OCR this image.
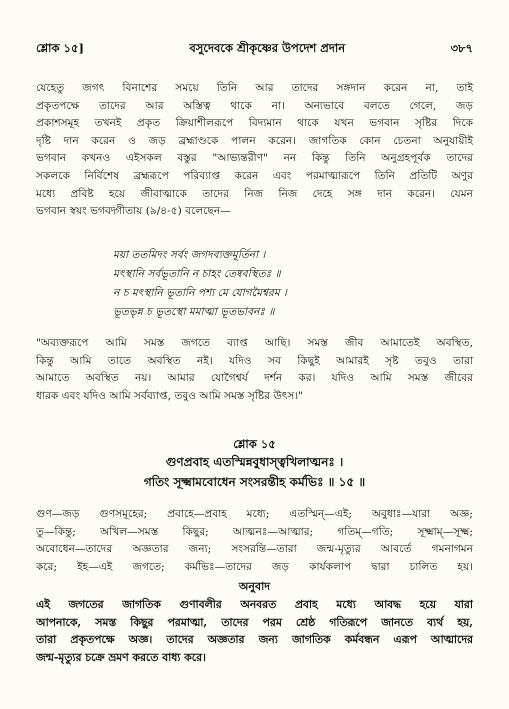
শ্লোক ১৫]	বসুদেবকে শ্রীকৃষ্ণের উপদেশ প্রদান	৩৮৭
যেহেতু জগৎ বিনাশের সময়ে তিনি আর তাদের সঙ্গদান করেন না, তাই
প্রকৃতপক্ষে তাদের আর অস্তিত্ব থাকে না। অন্যভাবে বলতে গেলে, জড়
প্রকাশসমূহ তখনই প্রকৃত ক্রিয়াশীলরূপে বিদ্যমান থাকে যখন ভগবান সৃষ্টির দিকে
দৃষ্টি দান করেন ও জড় ব্রহ্মাণ্ডকে পালন করেন। জাগতিক কোন চেতনা অনুযায়ীই
ভগবান কখনও এইসকল বস্তুর "আভ্যন্তরীণ" নন কিন্তু তিনি অনুগ্রহপূর্বক তাদের
সকলকে নির্বিশেষ ব্রহ্মরূপে পরিব্যাপ্ত করেন এবং পরমাত্মারূপে তিনি প্রতিটি অণুর
মধ্যে প্রবিষ্ট হয়ে জীবাত্মাকে তাদের নিজ নিজ দেহে সঙ্গ দান করেন। যেমন
ভগবান স্বয়ং ভগবদ্গীতায় (৯/৪-৫) বলেছেন—
ময়া ততমিদং সর্বং জগদব্যক্তমূর্তিনা ।
মৎস্থানি সর্বভূতানি ন চাহং তেষ্ববস্থিতঃ ॥
ন চ মৎস্থানি ভূতানি পশ্য মে যোগমৈশ্বরম ।
ভূতভৃন্ন চ ভূতস্থো মমাত্মা ভূতভাবনঃ ॥
"অব্যক্তরূপে আমি সমস্ত জগতে ব্যাপ্ত আছি। সমস্ত জীব আমাতেই অবস্থিত,
কিন্তু আমি তাতে অবস্থিত নই। যদিও সব কিছুই আমারই সৃষ্ট তবুও তারা
আমাতে অবস্থিত নয়। আমার যোগৈশ্বর্য দর্শন কর। যদিও আমি সমস্ত জীবের
ধারক এবং যদিও আমি সর্বব্যাপ্ত, তবুও আমি সমস্ত সৃষ্টির উৎস।"
শ্লোক ১৫
গুণপ্রবাহ এতস্মিন্নবুধাস্ত্বখিলাত্মনঃ ।
গতিং সূক্ষ্মামবোধেন সংসরন্তীহ কর্মভিঃ ॥ ১৫ ॥
গুণ—জড় গুণসমূহের; প্রবাহে—প্রবাহ মধ্যে; এতস্মিন্—এই; অবুধাঃ—যারা অজ্ঞ;
তু—কিন্তু; অখিল—সমস্ত কিছুর; আত্মনঃ—আত্মার; গতিম্—গতি; সূক্ষ্মাম্—সূক্ষ্ম;
অবোধেন—তাদের অজ্ঞতার জন্য; সংসরন্তি—তারা জন্ম-মৃত্যুর আবর্তে গমনাগমন
করে; ইহ—এই জগতে; কর্মভিঃ—তাদের জড় কার্যকলাপ দ্বারা চালিত হয়।
অনুবাদ
এই জগতের জাগতিক গুণাবলীর অনবরত প্রবাহ মধ্যে আবদ্ধ হয়ে যারা
আপনাকে, সমস্ত কিছুর পরমাত্মা, তাদের পরম শ্রেষ্ঠ গতিরূপে জানতে ব্যর্থ হয়,
তারা প্রকৃতপক্ষে অজ্ঞ। তাদের অজ্ঞতার জন্য জাগতিক কর্মবন্ধন এরূপ আত্মাদের
জন্ম-মৃত্যুর চক্রে ভ্রমণ করতে বাধ্য করে।
